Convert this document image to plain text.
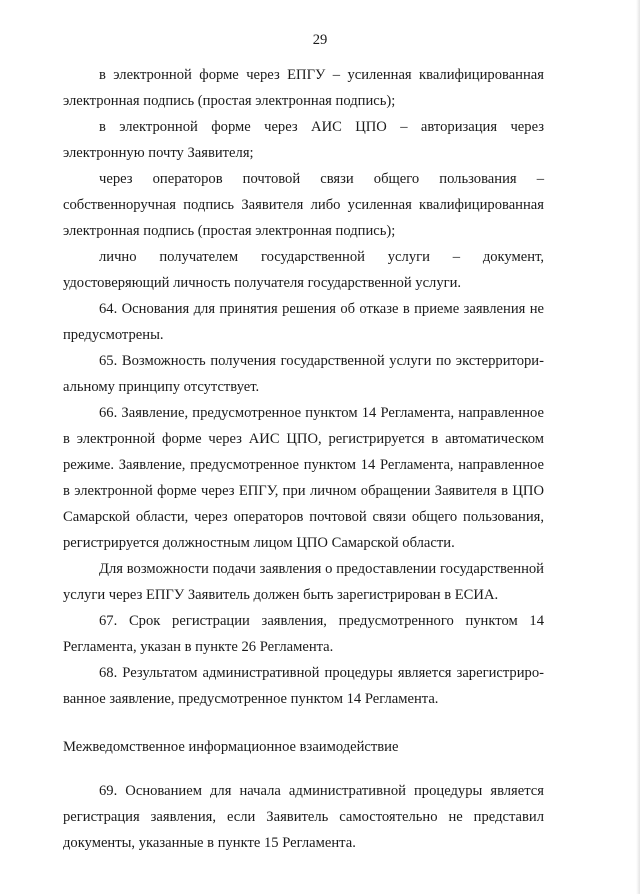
29

в электронной форме через ЕПГУ – усиленная квалифицированная электронная подпись (простая электронная подпись);

в электронной форме через АИС ЦПО – авторизация через электронную почту Заявителя;

через операторов почтовой связи общего пользования – собственноручная подпись Заявителя либо усиленная квалифицированная электронная подпись (простая электронная подпись);

лично получателем государственной услуги – документ, удостоверяющий личность получателя государственной услуги.

64. Основания для принятия решения об отказе в приеме заявления не предусмотрены.

65. Возможность получения государственной услуги по экстерриториальному принципу отсутствует.

66. Заявление, предусмотренное пунктом 14 Регламента, направленное в электронной форме через АИС ЦПО, регистрируется в автоматическом режиме. Заявление, предусмотренное пунктом 14 Регламента, направленное в электронной форме через ЕПГУ, при личном обращении Заявителя в ЦПО Самарской области, через операторов почтовой связи общего пользования, регистрируется должностным лицом ЦПО Самарской области.

Для возможности подачи заявления о предоставлении государственной услуги через ЕПГУ Заявитель должен быть зарегистрирован в ЕСИА.

67. Срок регистрации заявления, предусмотренного пунктом 14 Регламента, указан в пункте 26 Регламента.

68. Результатом административной процедуры является зарегистрированное заявление, предусмотренное пунктом 14 Регламента.

Межведомственное информационное взаимодействие

69. Основанием для начала административной процедуры является регистрация заявления, если Заявитель самостоятельно не представил документы, указанные в пункте 15 Регламента.
